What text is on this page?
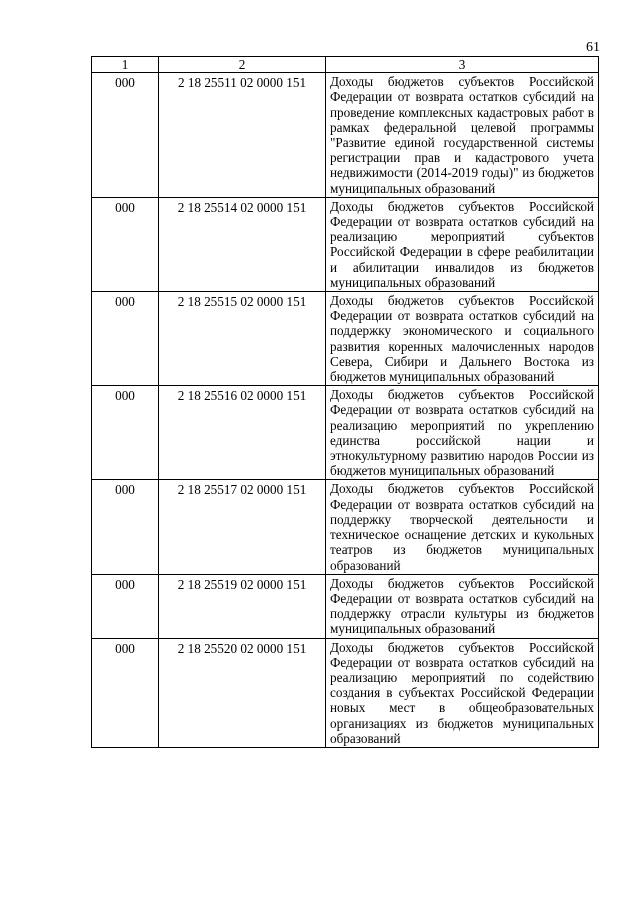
61
1	2	3
000	2 18 25511 02 0000 151	Доходы бюджетов субъектов Российской Федерации от возврата остатков субсидий на проведение комплексных кадастровых работ в рамках федеральной целевой программы "Развитие единой государственной системы регистрации прав и кадастрового учета недвижимости (2014-2019 годы)" из бюджетов муниципальных образований
000	2 18 25514 02 0000 151	Доходы бюджетов субъектов Российской Федерации от возврата остатков субсидий на реализацию мероприятий субъектов Российской Федерации в сфере реабилитации и абилитации инвалидов из бюджетов муниципальных образований
000	2 18 25515 02 0000 151	Доходы бюджетов субъектов Российской Федерации от возврата остатков субсидий на поддержку экономического и социального развития коренных малочисленных народов Севера, Сибири и Дальнего Востока из бюджетов муниципальных образований
000	2 18 25516 02 0000 151	Доходы бюджетов субъектов Российской Федерации от возврата остатков субсидий на реализацию мероприятий по укреплению единства российской нации и этнокультурному развитию народов России из бюджетов муниципальных образований
000	2 18 25517 02 0000 151	Доходы бюджетов субъектов Российской Федерации от возврата остатков субсидий на поддержку творческой деятельности и техническое оснащение детских и кукольных театров из бюджетов муниципальных образований
000	2 18 25519 02 0000 151	Доходы бюджетов субъектов Российской Федерации от возврата остатков субсидий на поддержку отрасли культуры из бюджетов муниципальных образований
000	2 18 25520 02 0000 151	Доходы бюджетов субъектов Российской Федерации от возврата остатков субсидий на реализацию мероприятий по содействию создания в субъектах Российской Федерации новых мест в общеобразовательных организациях из бюджетов муниципальных образований
